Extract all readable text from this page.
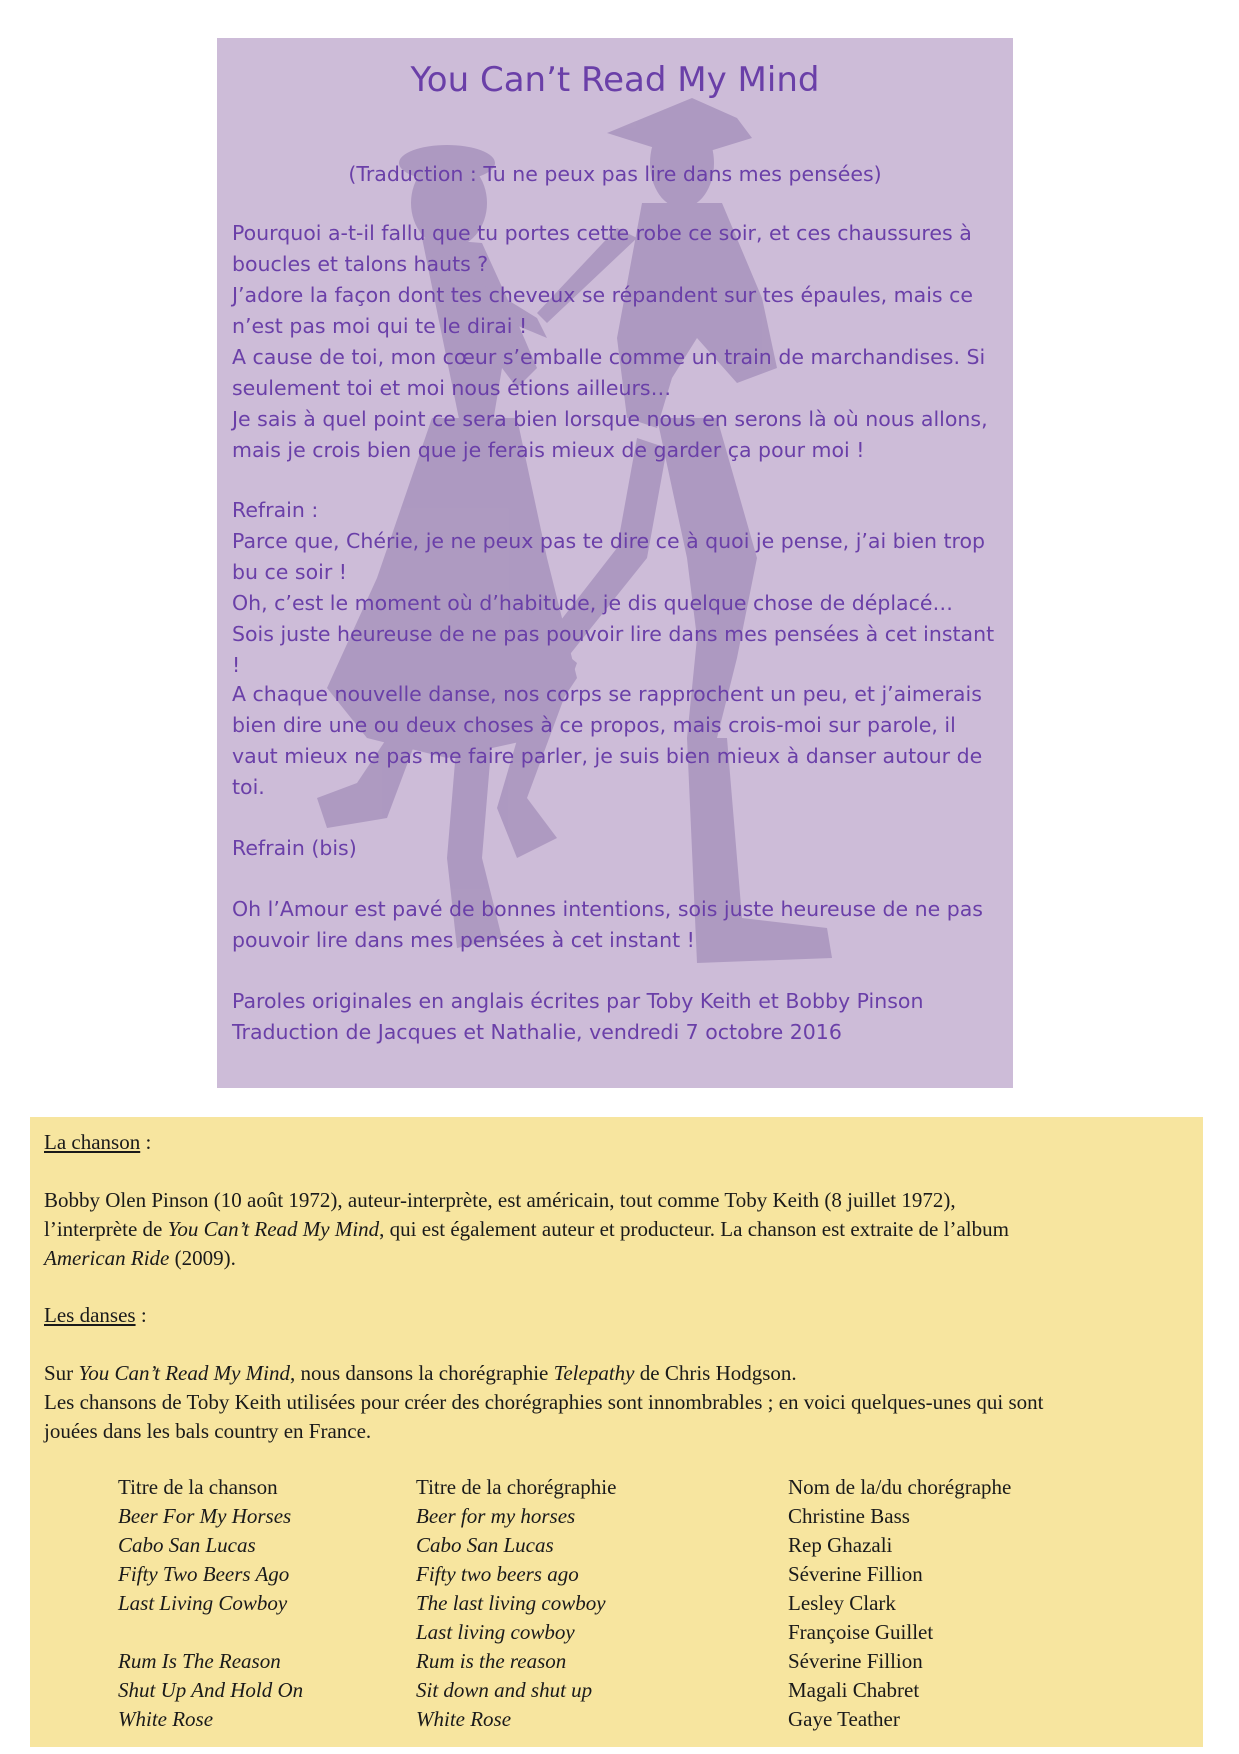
You Can’t Read My Mind

(Traduction : Tu ne peux pas lire dans mes pensées)

Pourquoi a-t-il fallu que tu portes cette robe ce soir, et ces chaussures à
boucles et talons hauts ?
J’adore la façon dont tes cheveux se répandent sur tes épaules, mais ce
n’est pas moi qui te le dirai !
A cause de toi, mon cœur s’emballe comme un train de marchandises. Si
seulement toi et moi nous étions ailleurs…
Je sais à quel point ce sera bien lorsque nous en serons là où nous allons,
mais je crois bien que je ferais mieux de garder ça pour moi !

Refrain :
Parce que, Chérie, je ne peux pas te dire ce à quoi je pense, j’ai bien trop
bu ce soir !
Oh, c’est le moment où d’habitude, je dis quelque chose de déplacé…
Sois juste heureuse de ne pas pouvoir lire dans mes pensées à cet instant !

A chaque nouvelle danse, nos corps se rapprochent un peu, et j’aimerais
bien dire une ou deux choses à ce propos, mais crois-moi sur parole, il
vaut mieux ne pas me faire parler, je suis bien mieux à danser autour de
toi.

Refrain (bis)

Oh l’Amour est pavé de bonnes intentions, sois juste heureuse de ne pas
pouvoir lire dans mes pensées à cet instant !

Paroles originales en anglais écrites par Toby Keith et Bobby Pinson
Traduction de Jacques et Nathalie, vendredi 7 octobre 2016

La chanson :

Bobby Olen Pinson (10 août 1972), auteur-interprète, est américain, tout comme Toby Keith (8 juillet 1972),
l’interprète de You Can’t Read My Mind, qui est également auteur et producteur. La chanson est extraite de l’album
American Ride (2009).

Les danses :

Sur You Can’t Read My Mind, nous dansons la chorégraphie Telepathy de Chris Hodgson.
Les chansons de Toby Keith utilisées pour créer des chorégraphies sont innombrables ; en voici quelques-unes qui sont
jouées dans les bals country en France.

Titre de la chanson	Titre de la chorégraphie	Nom de la/du chorégraphe
Beer For My Horses	Beer for my horses	Christine Bass
Cabo San Lucas	Cabo San Lucas	Rep Ghazali
Fifty Two Beers Ago	Fifty two beers ago	Séverine Fillion
Last Living Cowboy	The last living cowboy	Lesley Clark
	Last living cowboy	Françoise Guillet
Rum Is The Reason	Rum is the reason	Séverine Fillion
Shut Up And Hold On	Sit down and shut up	Magali Chabret
White Rose	White Rose	Gaye Teather
